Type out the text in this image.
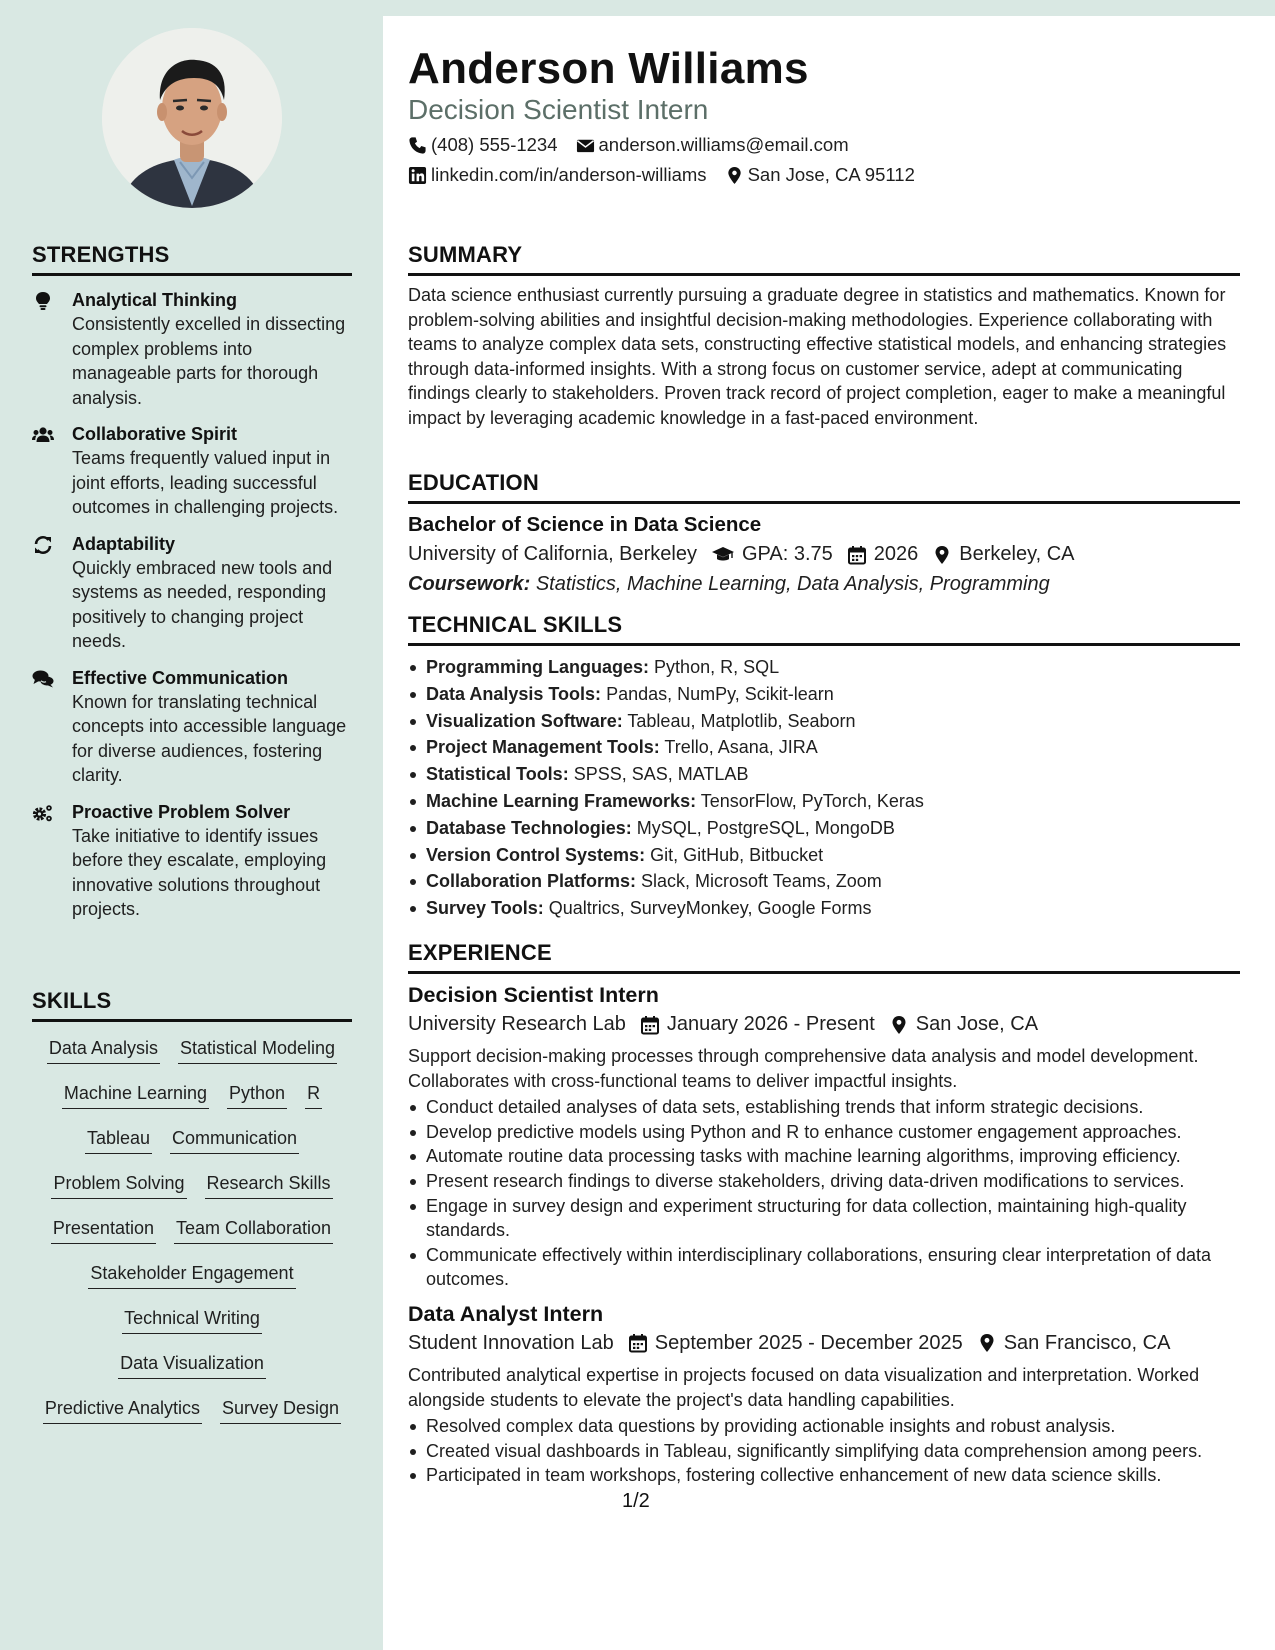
STRENGTHS
Analytical Thinking
Consistently excelled in dissecting complex problems into manageable parts for thorough analysis.
Collaborative Spirit
Teams frequently valued input in joint efforts, leading successful outcomes in challenging projects.
Adaptability
Quickly embraced new tools and systems as needed, responding positively to changing project needs.
Effective Communication
Known for translating technical concepts into accessible language for diverse audiences, fostering clarity.
Proactive Problem Solver
Take initiative to identify issues before they escalate, employing innovative solutions throughout projects.
SKILLS
Data Analysis Statistical Modeling
Machine Learning Python R
Tableau Communication
Problem Solving Research Skills
Presentation Team Collaboration
Stakeholder Engagement
Technical Writing
Data Visualization
Predictive Analytics Survey Design
Anderson Williams
Decision Scientist Intern
(408) 555-1234 anderson.williams@email.com
linkedin.com/in/anderson-williams San Jose, CA 95112
SUMMARY
Data science enthusiast currently pursuing a graduate degree in statistics and mathematics. Known for problem-solving abilities and insightful decision-making methodologies. Experience collaborating with teams to analyze complex data sets, constructing effective statistical models, and enhancing strategies through data-informed insights. With a strong focus on customer service, adept at communicating findings clearly to stakeholders. Proven track record of project completion, eager to make a meaningful impact by leveraging academic knowledge in a fast-paced environment.
EDUCATION
Bachelor of Science in Data Science
University of California, Berkeley GPA: 3.75 2026 Berkeley, CA
Coursework: Statistics, Machine Learning, Data Analysis, Programming
TECHNICAL SKILLS
Programming Languages: Python, R, SQL
Data Analysis Tools: Pandas, NumPy, Scikit-learn
Visualization Software: Tableau, Matplotlib, Seaborn
Project Management Tools: Trello, Asana, JIRA
Statistical Tools: SPSS, SAS, MATLAB
Machine Learning Frameworks: TensorFlow, PyTorch, Keras
Database Technologies: MySQL, PostgreSQL, MongoDB
Version Control Systems: Git, GitHub, Bitbucket
Collaboration Platforms: Slack, Microsoft Teams, Zoom
Survey Tools: Qualtrics, SurveyMonkey, Google Forms
EXPERIENCE
Decision Scientist Intern
University Research Lab January 2026 - Present San Jose, CA
Support decision-making processes through comprehensive data analysis and model development. Collaborates with cross-functional teams to deliver impactful insights.
Conduct detailed analyses of data sets, establishing trends that inform strategic decisions.
Develop predictive models using Python and R to enhance customer engagement approaches.
Automate routine data processing tasks with machine learning algorithms, improving efficiency.
Present research findings to diverse stakeholders, driving data-driven modifications to services.
Engage in survey design and experiment structuring for data collection, maintaining high-quality standards.
Communicate effectively within interdisciplinary collaborations, ensuring clear interpretation of data outcomes.
Data Analyst Intern
Student Innovation Lab September 2025 - December 2025 San Francisco, CA
Contributed analytical expertise in projects focused on data visualization and interpretation. Worked alongside students to elevate the project's data handling capabilities.
Resolved complex data questions by providing actionable insights and robust analysis.
Created visual dashboards in Tableau, significantly simplifying data comprehension among peers.
Participated in team workshops, fostering collective enhancement of new data science skills.
1/2
